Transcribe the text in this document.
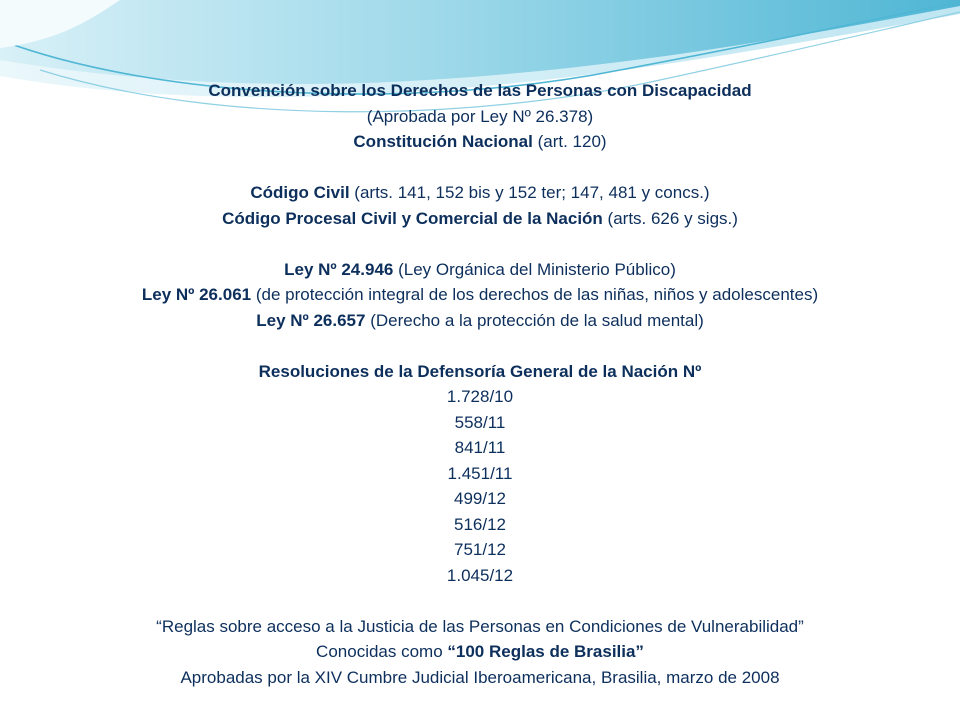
Convención sobre los Derechos de las Personas con Discapacidad

(Aprobada por Ley Nº 26.378)

Constitución Nacional (art. 120)

Código Civil (arts. 141, 152 bis y 152 ter; 147, 481 y concs.)

Código Procesal Civil y Comercial de la Nación (arts. 626 y sigs.)

Ley Nº 24.946 (Ley Orgánica del Ministerio Público)

Ley Nº 26.061 (de protección integral de los derechos de las niñas, niños y adolescentes)

Ley Nº 26.657 (Derecho a la protección de la salud mental)

Resoluciones de la Defensoría General de la Nación Nº

1.728/10

558/11

841/11

1.451/11

499/12

516/12

751/12

1.045/12

“Reglas sobre acceso a la Justicia de las Personas en Condiciones de Vulnerabilidad”

Conocidas como “100 Reglas de Brasilia”

Aprobadas por la XIV Cumbre Judicial Iberoamericana, Brasilia, marzo de 2008
